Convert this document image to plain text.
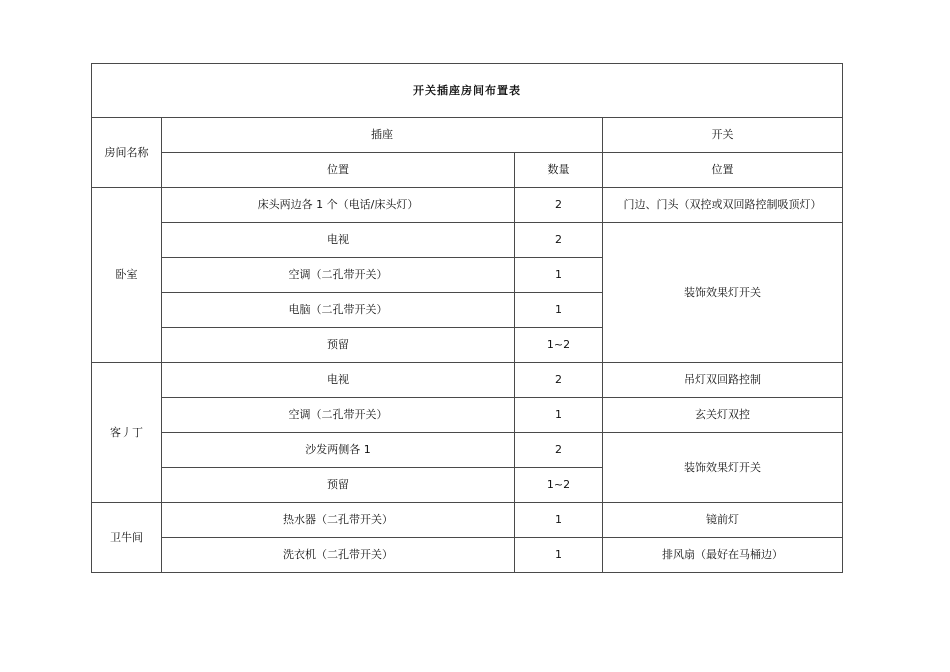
开关插座房间布置表			
房间名称	插座		开关
	位置	数量	位置
卧室	床头两边各 1 个（电话/床头灯）	2	门边、门头（双控或双回路控制吸顶灯）
	电视	2	装饰效果灯开关
	空调（二孔带开关）	1	
	电脑（二孔带开关）	1	
	预留	1~2	
客丿丁	电视	2	吊灯双回路控制
	空调（二孔带开关）	1	玄关灯双控
	沙发两侧各 1	2	装饰效果灯开关
	预留	1~2	
卫牛间	热水器（二孔带开关）	1	镜前灯
	洗衣机（二孔带开关）	1	排风扇（最好在马桶边）
